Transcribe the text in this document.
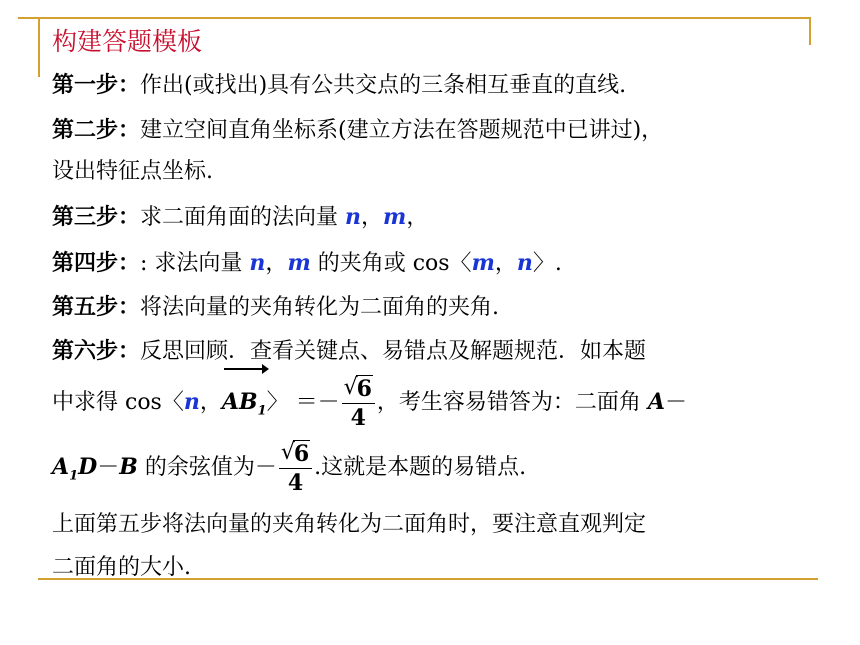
构建答题模板
第一步：作出(或找出)具有公共交点的三条相互垂直的直线.
第二步：建立空间直角坐标系(建立方法在答题规范中已讲过)，
设出特征点坐标.
第三步：求二面角面的法向量 n，m，
第四步：: 求法向量 n，m 的夹角或 cos〈m，n〉.
第五步：将法向量的夹角转化为二面角的夹角.
第六步：反思回顾．查看关键点、易错点及解题规范．如本题
中求得 cos〈n，$AB_1$〉 ＝－ √ $\frac{6}{4}$ ，考生容易错答为：二面角 A－
$A_1D-B$ 的余弦值为－ √ $\frac{6}{4}$ .这就是本题的易错点.
上面第五步将法向量的夹角转化为二面角时，要注意直观判定
二面角的大小.
